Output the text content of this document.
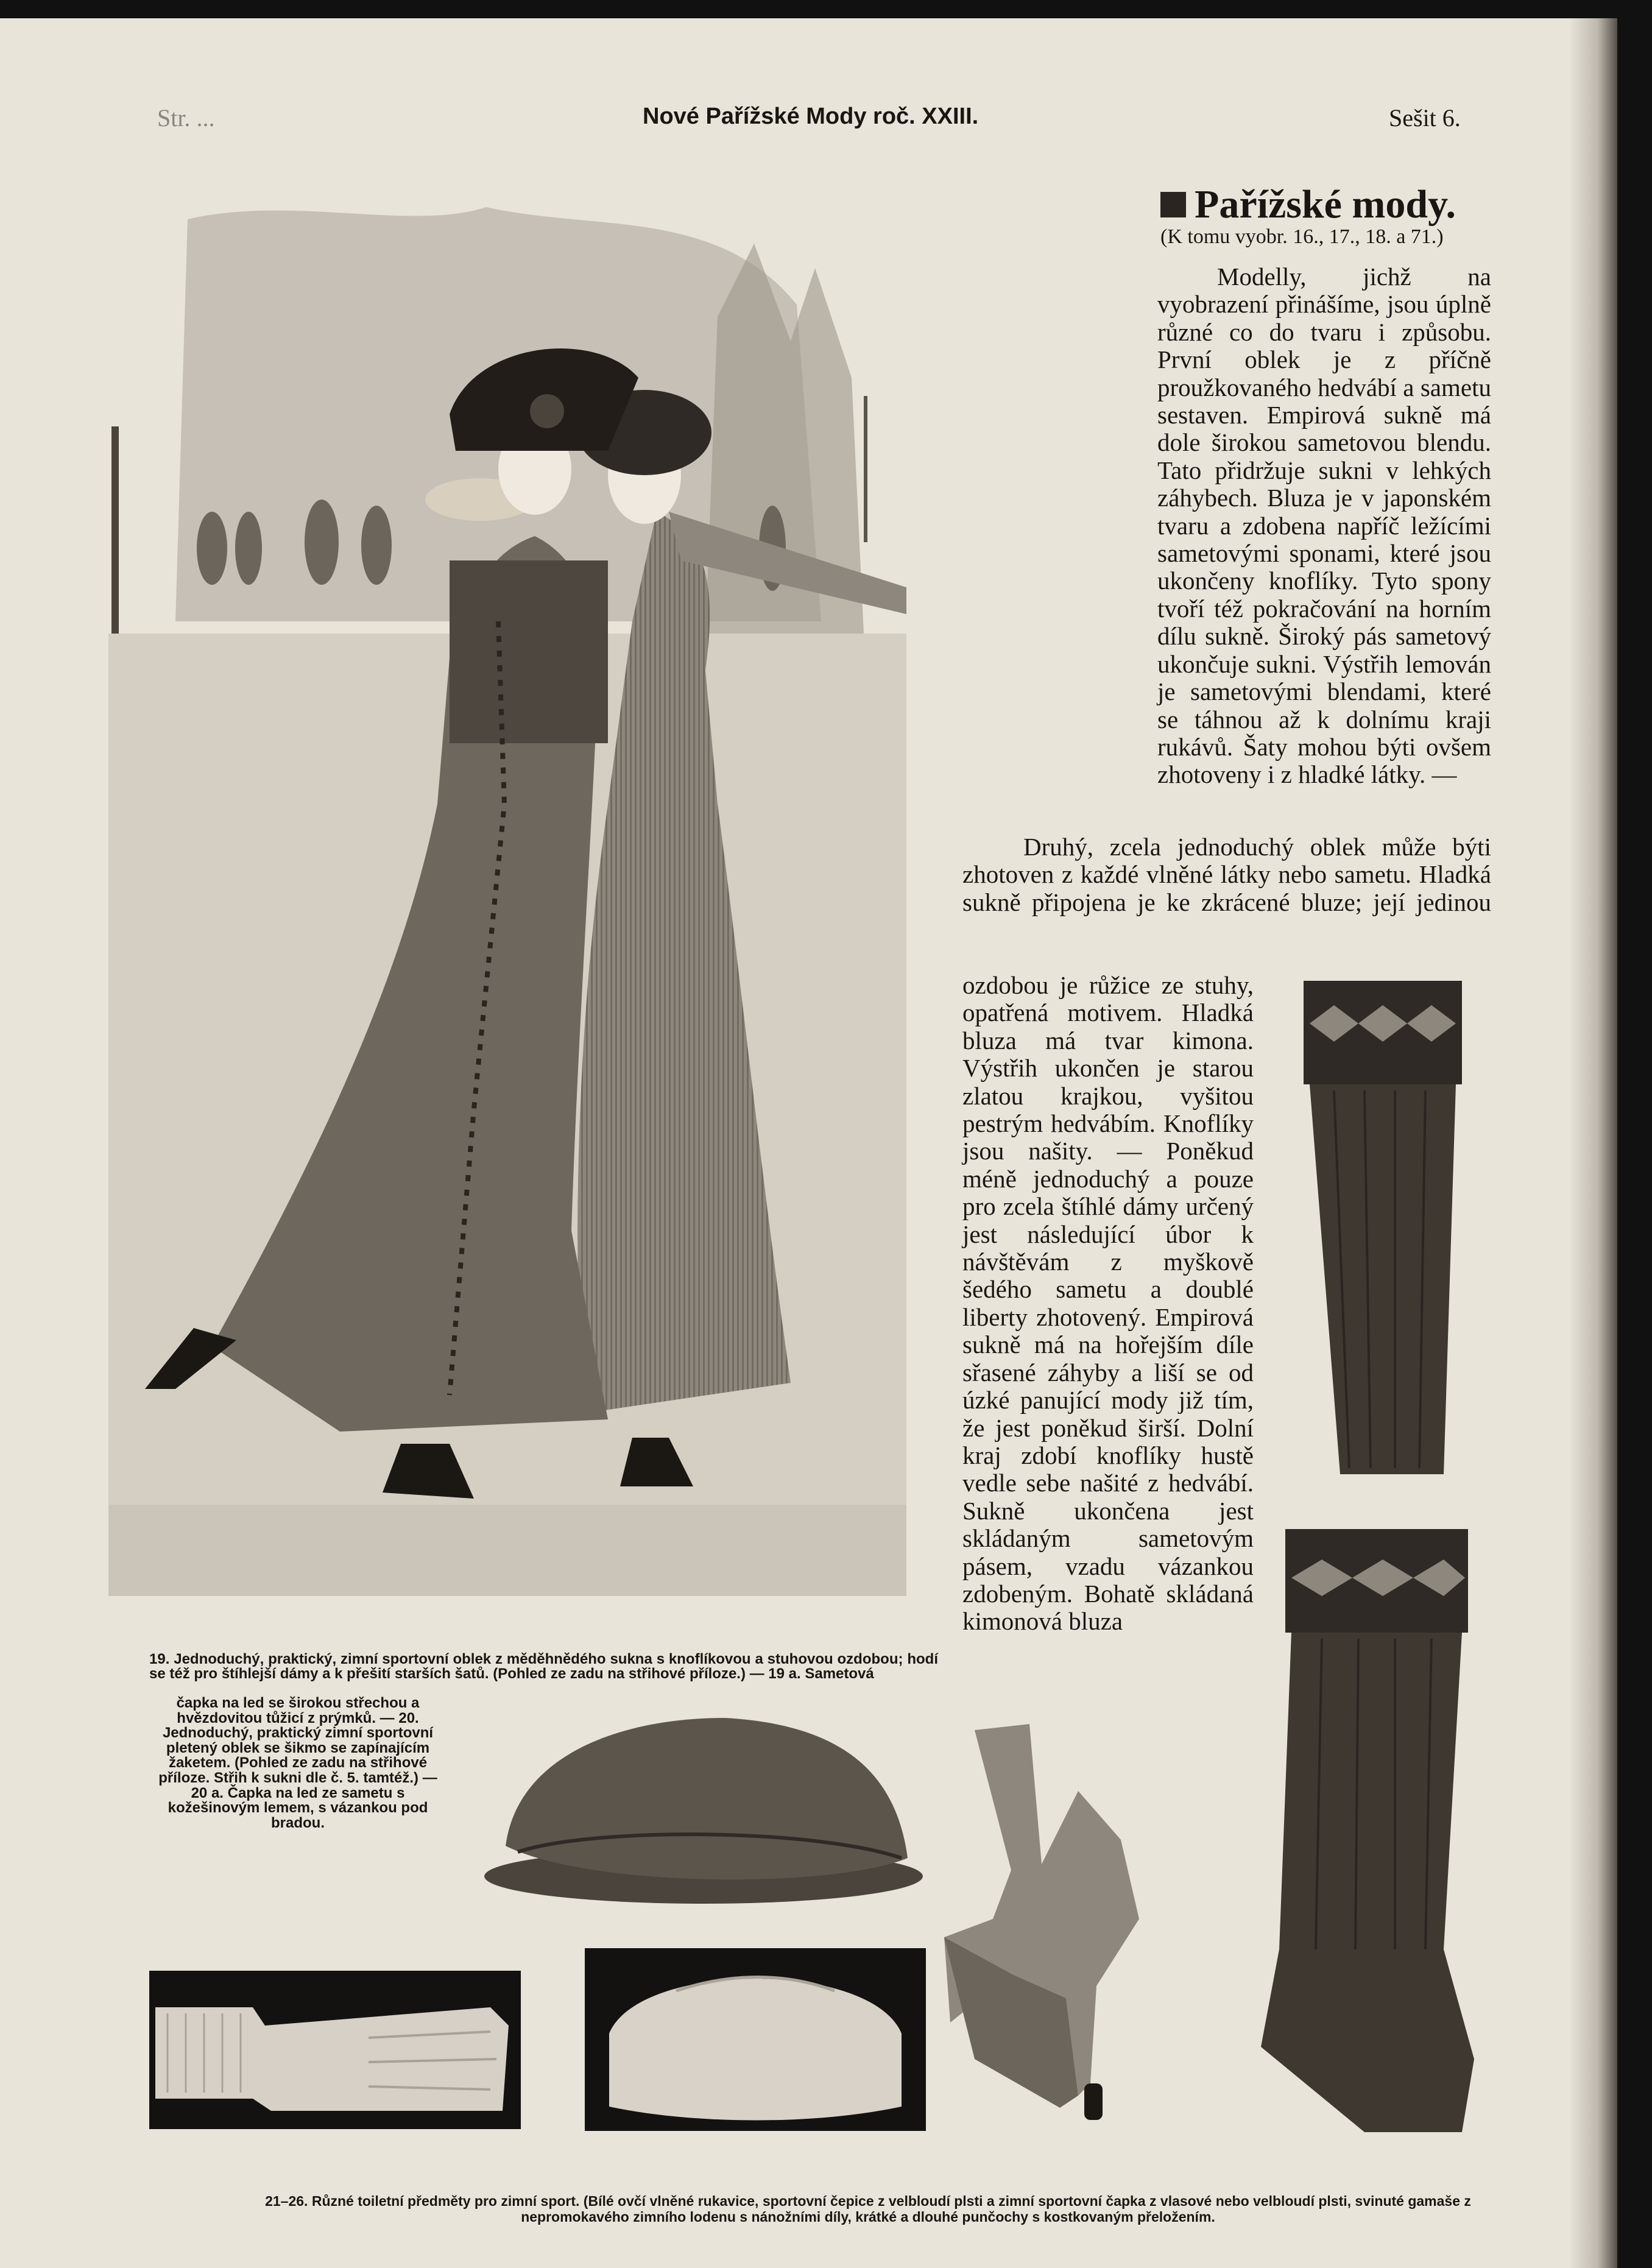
Str. ...	Nové Pařížské Mody roč. XXIII.	Sešit 6.
Pařížské mody.
(K tomu vyobr. 16., 17., 18. a 71.)

Modelly, jichž na vyobrazení přinášíme, jsou úplně různé co do tvaru i způsobu. První oblek je z příčně proužkovaného hedvábí a sametu sestaven. Empirová sukně má dole širokou sametovou blendu. Tato přidržuje sukni v lehkých záhybech. Bluza je v japonském tvaru a zdobena napříč ležícími sametovými sponami, které jsou ukončeny knoflíky. Tyto spony tvoří též pokračování na horním dílu sukně. Široký pás sametový ukončuje sukni. Výstřih lemován je sametovými blendami, které se táhnou až k dolnímu kraji rukávů. Šaty mohou býti ovšem zhotoveny i z hladké látky. —

Druhý, zcela jednoduchý oblek může býti zhotoven z každé vlněné látky nebo sametu. Hladká sukně připojena je ke zkrácené bluze; její jedinou

ozdobou je růžice ze stuhy, opatřená motivem. Hladká bluza má tvar kimona. Výstřih ukončen je starou zlatou krajkou, vyšitou pestrým hedvábím. Knoflíky jsou našity. — Poněkud méně jednoduchý a pouze pro zcela štíhlé dámy určený jest následující úbor k návštěvám z myškově šedého sametu a doublé liberty zhotovený. Empirová sukně má na hořejším díle sřasené záhyby a liší se od úzké panující mody již tím, že jest poněkud širší. Dolní kraj zdobí knoflíky hustě vedle sebe našité z hedvábí. Sukně ukončena jest skládaným sametovým pásem, vzadu vázankou zdobeným. Bohatě skládaná kimonová bluza

19. Jednoduchý, praktický, zimní sportovní oblek z měděhnědého sukna s knoflíkovou a stuhovou ozdobou; hodí se též pro štíhlejší dámy a k přešití starších šatů. (Pohled ze zadu na střihové příloze.) — 19 a. Sametová

čapka na led se širokou střechou a hvězdovitou tůžicí z prýmků. — 20. Jednoduchý, praktický zimní sportovní pletený oblek se šikmo se zapínajícím žaketem. (Pohled ze zadu na střihové příloze. Střih k sukni dle č. 5. tamtéž.) — 20 a. Čapka na led ze sametu s kožešinovým lemem, s vázankou pod bradou.

21–26. Různé toiletní předměty pro zimní sport. (Bílé ovčí vlněné rukavice, sportovní čepice z velbloudí plsti a zimní sportovní čapka z vlasové nebo velbloudí plsti, svinuté gamaše z nepromokavého zimního lodenu s nánožními díly, krátké a dlouhé punčochy s kostkovaným přeložením.
